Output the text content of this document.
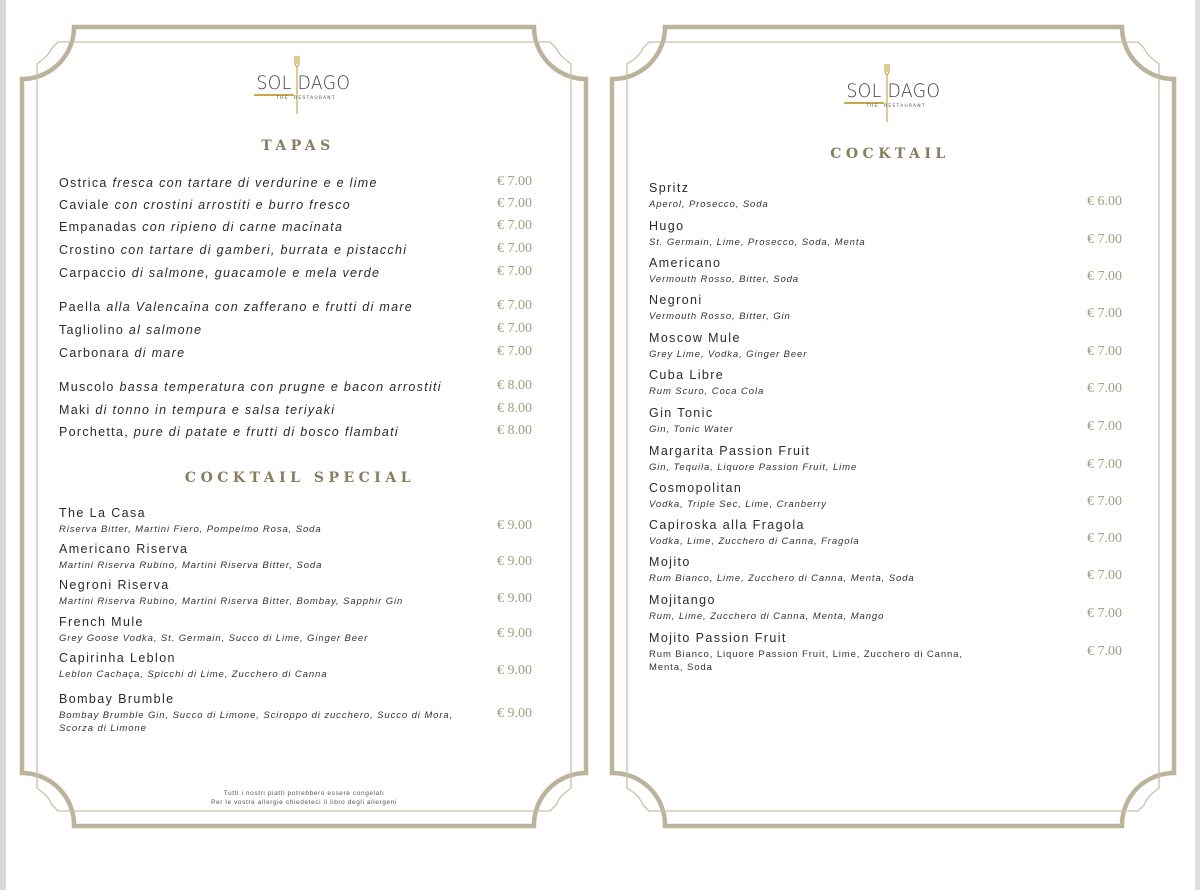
SOL DAGO
THE RESTAURANT
TAPAS
Ostrica fresca con tartare di verdurine e e lime	€ 7.00
Caviale con crostini arrostiti e burro fresco	€ 7.00
Empanadas con ripieno di carne macinata	€ 7.00
Crostino con tartare di gamberi, burrata e pistacchi	€ 7.00
Carpaccio di salmone, guacamole e mela verde	€ 7.00
Paella alla Valencaina con zafferano e frutti di mare	€ 7.00
Tagliolino al salmone	€ 7.00
Carbonara di mare	€ 7.00
Muscolo bassa temperatura con prugne e bacon arrostiti	€ 8.00
Maki di tonno in tempura e salsa teriyaki	€ 8.00
Porchetta, pure di patate e frutti di bosco flambati	€ 8.00
COCKTAIL SPECIAL
The La Casa
Riserva Bitter, Martini Fiero, Pompelmo Rosa, Soda	€ 9.00
Americano Riserva
Martini Riserva Rubino, Martini Riserva Bitter, Soda	€ 9.00
Negroni Riserva
Martini Riserva Rubino, Martini Riserva Bitter, Bombay, Sapphir Gin	€ 9.00
French Mule
Grey Goose Vodka, St. Germain, Succo di Lime, Ginger Beer	€ 9.00
Capirinha Leblon
Leblon Cachaça, Spicchi di Lime, Zucchero di Canna	€ 9.00
Bombay Brumble
Bombay Brumble Gin, Succo di Limone, Sciroppo di zucchero, Succo di Mora,
Scorza di Limone
€ 9.00
Tutti i nostri piatti potrebbero essere congelati
Per le vostre allergie chiedeteci il libro degli allergeni
SOL DAGO
THE RESTAURANT
COCKTAIL
Spritz
Aperol, Prosecco, Soda	€ 6.00
Hugo
St. Germain, Lime, Prosecco, Soda, Menta	€ 7.00
Americano
Vermouth Rosso, Bitter, Soda	€ 7.00
Negroni
Vermouth Rosso, Bitter, Gin	€ 7.00
Moscow Mule
Grey Lime, Vodka, Ginger Beer	€ 7.00
Cuba Libre
Rum Scuro, Coca Cola	€ 7.00
Gin Tonic
Gin, Tonic Water	€ 7.00
Margarita Passion Fruit
Gin, Tequila, Liquore Passion Fruit, Lime	€ 7.00
Cosmopolitan
Vodka, Triple Sec, Lime, Cranberry	€ 7.00
Capiroska alla Fragola
Vodka, Lime, Zucchero di Canna, Fragola	€ 7.00
Mojito
Rum Bianco, Lime, Zucchero di Canna, Menta, Soda	€ 7.00
Mojitango
Rum, Lime, Zucchero di Canna, Menta, Mango	€ 7.00
Mojito Passion Fruit
Rum Bianco, Liquore Passion Fruit, Lime, Zucchero di Canna,
Menta, Soda
€ 7.00
